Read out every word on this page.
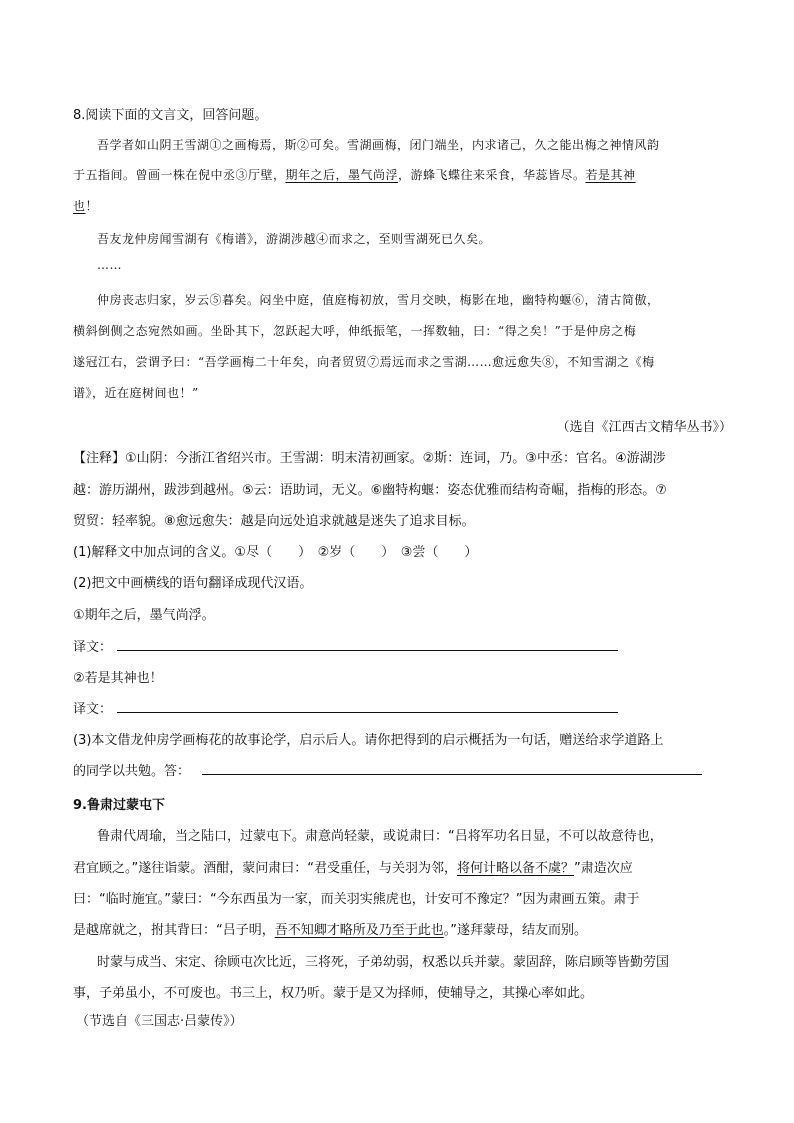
8.阅读下面的文言文，回答问题。
吾学者如山阴王雪湖①之画梅焉，斯②可矣。雪湖画梅，闭门端坐，内求诸己，久之能出梅之神情风韵
于五指间。曾画一株在倪中丞③厅壁，期年之后，墨气尚浮，游蜂飞蝶往来采食，华蕊皆尽。若是其神
也！
吾友龙仲房闻雪湖有《梅谱》，游湖涉越④而求之，至则雪湖死已久矣。
……
仲房丧志归家，岁云⑤暮矣。闷坐中庭，值庭梅初放，雪月交映，梅影在地，幽特构蝘⑥，清古简傲，
横斜倒侧之态宛然如画。坐卧其下，忽跃起大呼，伸纸振笔，一挥数轴，曰：“得之矣！”于是仲房之梅
遂冠江右，尝谓予曰：“吾学画梅二十年矣，向者贸贸⑦焉远而求之雪湖……愈远愈失⑧，不知雪湖之《梅
谱》，近在庭树间也！”
（选自《江西古文精华丛书》）
【注释】①山阴：今浙江省绍兴市。王雪湖：明末清初画家。②斯：连词，乃。③中丞：官名。④游湖涉
越：游历湖州，跋涉到越州。⑤云：语助词，无义。⑥幽特构蝘：姿态优雅而结构奇崛，指梅的形态。⑦
贸贸：轻率貌。⑧愈远愈失：越是向远处追求就越是迷失了追求目标。
(1)解释文中加点词的含义。①尽（　　）　②岁（　　）　③尝（　　）
(2)把文中画横线的语句翻译成现代汉语。
①期年之后，墨气尚浮。
译文：
②若是其神也！
译文：
(3)本文借龙仲房学画梅花的故事论学，启示后人。请你把得到的启示概括为一句话，赠送给求学道路上
的同学以共勉。答：
9.鲁肃过蒙屯下
鲁肃代周瑜，当之陆口，过蒙屯下。肃意尚轻蒙，或说肃曰：“吕将军功名日显，不可以故意待也，
君宜顾之。”遂往诣蒙。酒酣，蒙问肃曰：“君受重任，与关羽为邻，将何计略以备不虞？”肃造次应
曰：“临时施宜。”蒙曰：“今东西虽为一家，而关羽实熊虎也，计安可不豫定？”因为肃画五策。肃于
是越席就之，拊其背曰：“吕子明，吾不知卿才略所及乃至于此也。”遂拜蒙母，结友而别。
时蒙与成当、宋定、徐顾屯次比近，三将死，子弟幼弱，权悉以兵并蒙。蒙固辞，陈启顾等皆勤劳国
事，子弟虽小，不可废也。书三上，权乃听。蒙于是又为择师，使辅导之，其操心率如此。
（节选自《三国志·吕蒙传》）
